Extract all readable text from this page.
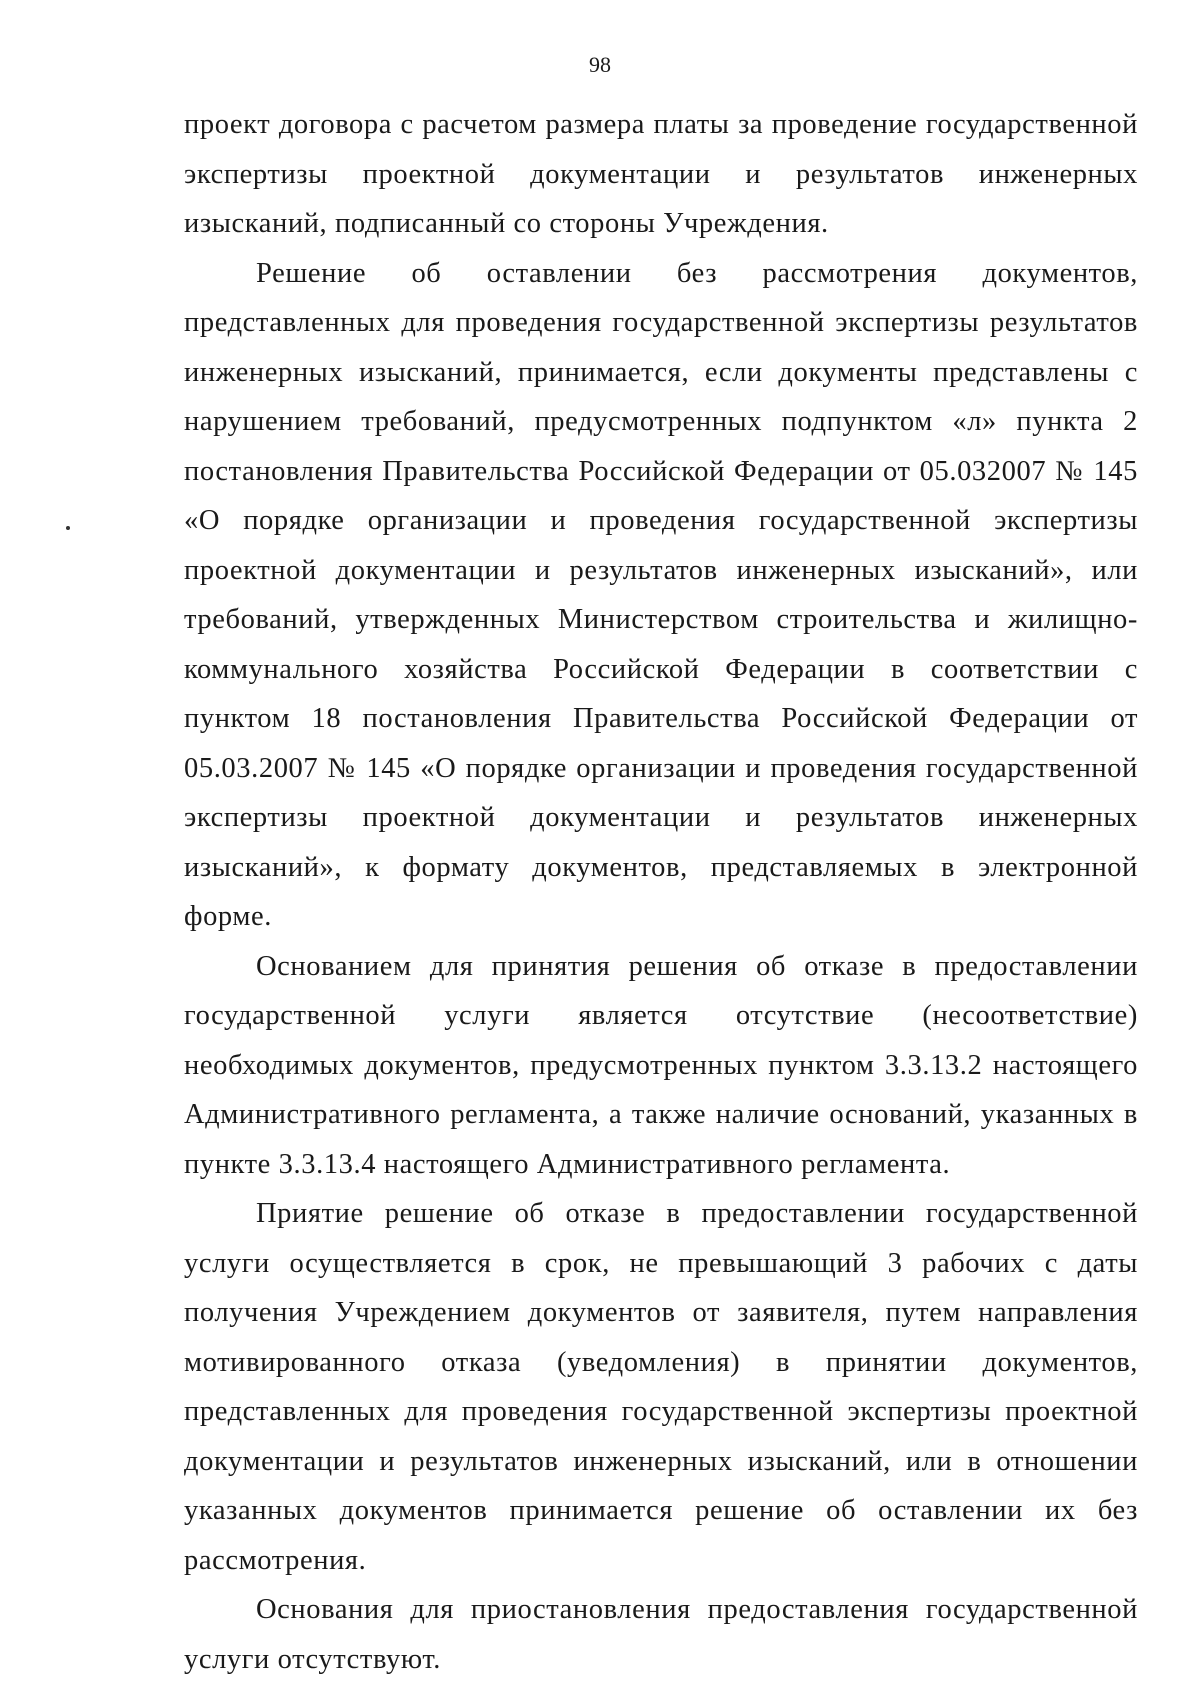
98

проект договора с расчетом размера платы за проведение государственной экспертизы проектной документации и результатов инженерных изысканий, подписанный со стороны Учреждения.

Решение об оставлении без рассмотрения документов, представленных для проведения государственной экспертизы результатов инженерных изысканий, принимается, если документы представлены с нарушением требований, предусмотренных подпунктом «л» пункта 2 постановления Правительства Российской Федерации от 05.032007 № 145 «О порядке организации и проведения государственной экспертизы проектной документации и результатов инженерных изысканий», или требований, утвержденных Министерством строительства и жилищно-коммунального хозяйства Российской Федерации в соответствии с пунктом 18 постановления Правительства Российской Федерации от 05.03.2007 № 145 «О порядке организации и проведения государственной экспертизы проектной документации и результатов инженерных изысканий», к формату документов, представляемых в электронной форме.

Основанием для принятия решения об отказе в предоставлении государственной услуги является отсутствие (несоответствие) необходимых документов, предусмотренных пунктом 3.3.13.2 настоящего Административного регламента, а также наличие оснований, указанных в пункте 3.3.13.4 настоящего Административного регламента.

Приятие решение об отказе в предоставлении государственной услуги осуществляется в срок, не превышающий 3 рабочих с даты получения Учреждением документов от заявителя, путем направления мотивированного отказа (уведомления) в принятии документов, представленных для проведения государственной экспертизы проектной документации и результатов инженерных изысканий, или в отношении указанных документов принимается решение об оставлении их без рассмотрения.

Основания для приостановления предоставления государственной услуги отсутствуют.
